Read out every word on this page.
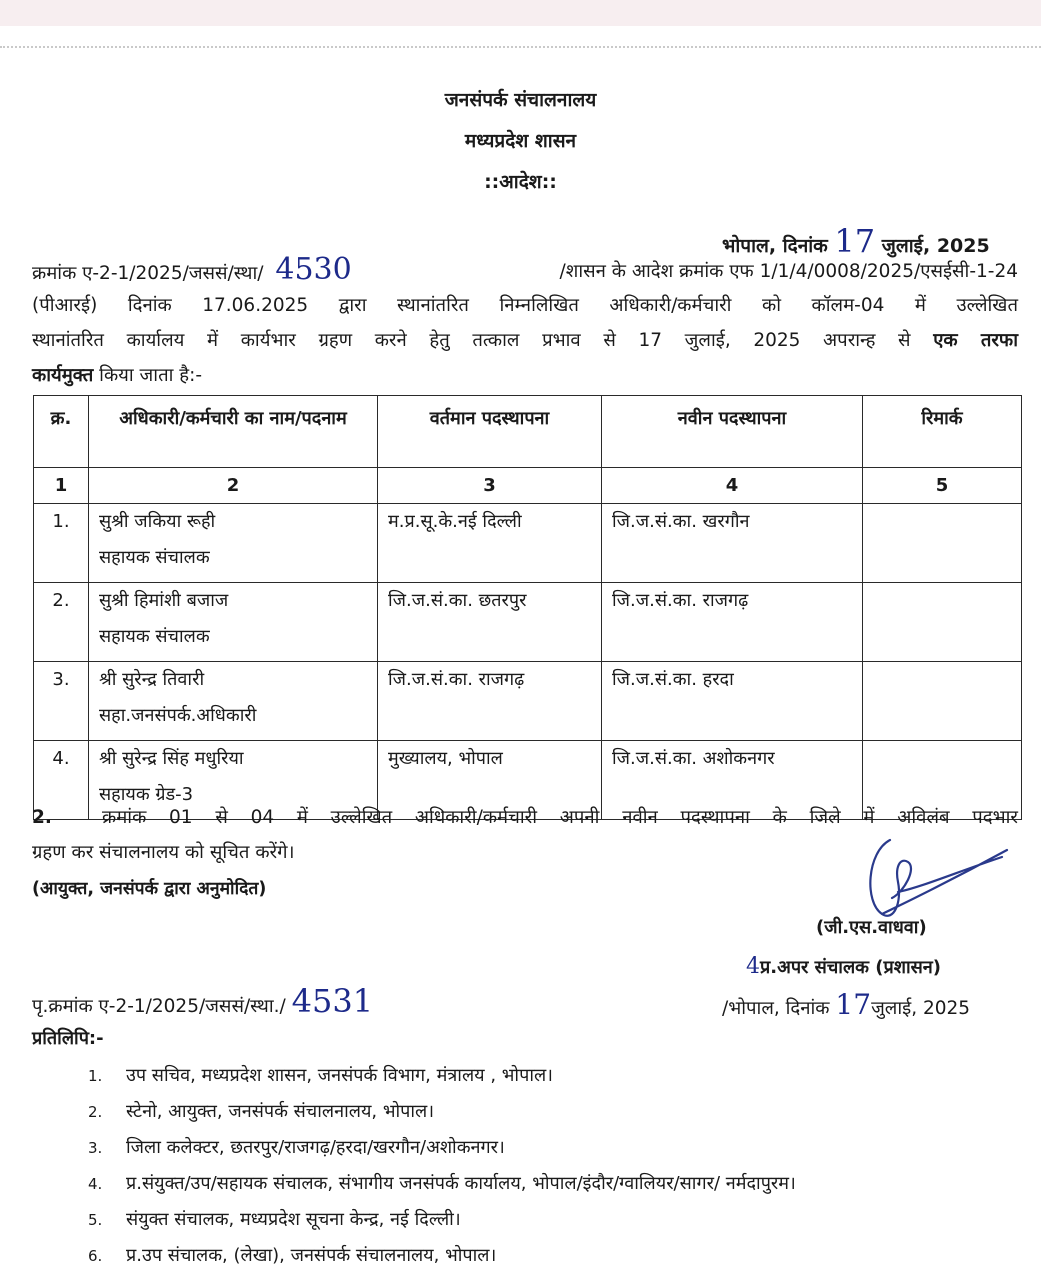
जनसंपर्क संचालनालय
मध्यप्रदेश शासन
::आदेश::
भोपाल, दिनांक 17 जुलाई, 2025
क्रमांक ए-2-1/2025/जससं/स्था/ 4530	/शासन के आदेश क्रमांक एफ 1/1/4/0008/2025/एसईसी-1-24
(पीआरई) दिनांक 17.06.2025 द्वारा स्थानांतरित निम्नलिखित अधिकारी/कर्मचारी को कॉलम-04 में उल्लेखित
स्थानांतरित कार्यालय में कार्यभार ग्रहण करने हेतु तत्काल प्रभाव से 17 जुलाई, 2025 अपरान्ह से एक तरफा
कार्यमुक्त किया जाता है:-
क्र.	अधिकारी/कर्मचारी का नाम/पदनाम	वर्तमान पदस्थापना	नवीन पदस्थापना	रिमार्क
1	2	3	4	5
1.	सुश्री जकिया रूही
सहायक संचालक	म.प्र.सू.के.नई दिल्ली	जि.ज.सं.का. खरगौन	
2.	सुश्री हिमांशी बजाज
सहायक संचालक	जि.ज.सं.का. छतरपुर	जि.ज.सं.का. राजगढ़	
3.	श्री सुरेन्द्र तिवारी
सहा.जनसंपर्क.अधिकारी	जि.ज.सं.का. राजगढ़	जि.ज.सं.का. हरदा	
4.	श्री सुरेन्द्र सिंह मधुरिया
सहायक ग्रेड-3	मुख्यालय, भोपाल	जि.ज.सं.का. अशोकनगर	
2.	क्रमांक 01 से 04 में उल्लेखित अधिकारी/कर्मचारी अपनी नवीन पदस्थापना के जिले में अविलंब पदभार
ग्रहण कर संचालनालय को सूचित करेंगे।
(आयुक्त, जनसंपर्क द्वारा अनुमोदित)
(जी.एस.वाधवा)
4प्र.अपर संचालक (प्रशासन)
पृ.क्रमांक ए-2-1/2025/जससं/स्था./ 4531	/भोपाल, दिनांक 17जुलाई, 2025
प्रतिलिपि:-
1. उप सचिव, मध्यप्रदेश शासन, जनसंपर्क विभाग, मंत्रालय , भोपाल।
2. स्टेनो, आयुक्त, जनसंपर्क संचालनालय, भोपाल।
3. जिला कलेक्टर, छतरपुर/राजगढ़/हरदा/खरगौन/अशोकनगर।
4. प्र.संयुक्त/उप/सहायक संचालक, संभागीय जनसंपर्क कार्यालय, भोपाल/इंदौर/ग्वालियर/सागर/ नर्मदापुरम।
5. संयुक्त संचालक, मध्यप्रदेश सूचना केन्द्र, नई दिल्ली।
6. प्र.उप संचालक, (लेखा), जनसंपर्क संचालनालय, भोपाल।
